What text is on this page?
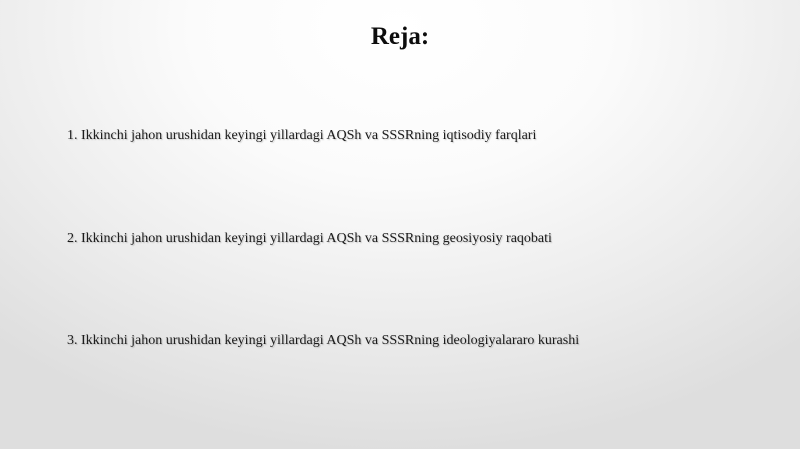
Reja:
1. Ikkinchi jahon urushidan keyingi yillardagi AQSh va SSSRning iqtisodiy farqlari
2. Ikkinchi jahon urushidan keyingi yillardagi AQSh va SSSRning geosiyosiy raqobati
3. Ikkinchi jahon urushidan keyingi yillardagi AQSh va SSSRning ideologiyalararo kurashi
